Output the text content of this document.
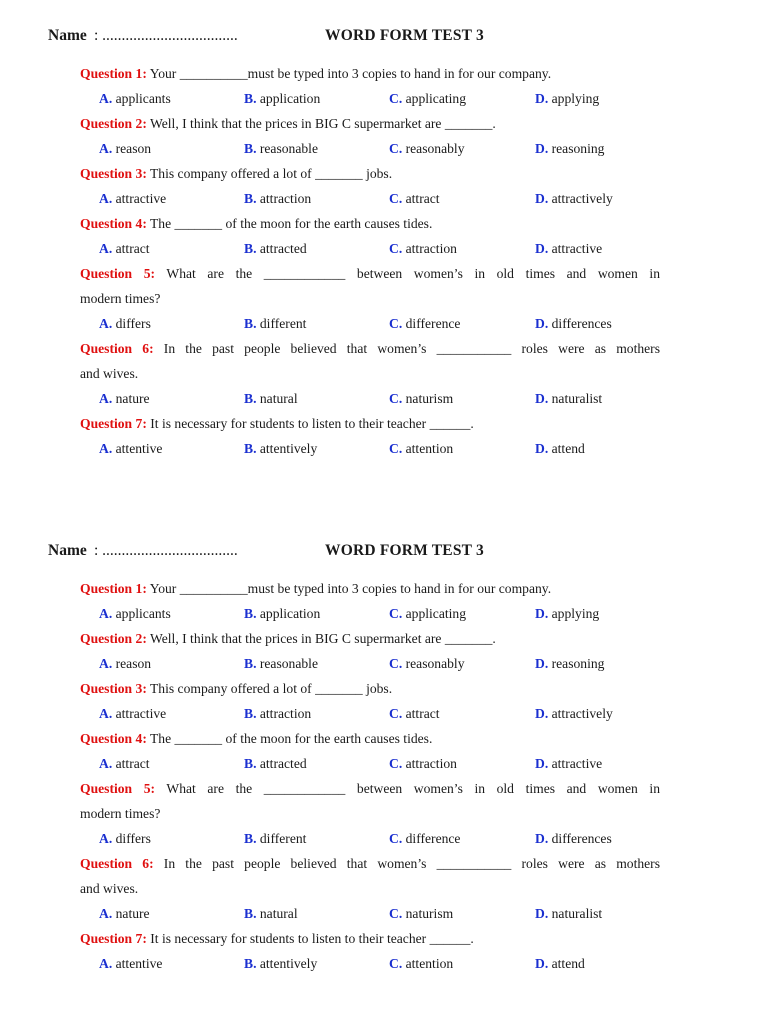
Name : ...................................	WORD FORM TEST 3
Question 1: Your __________must be typed into 3 copies to hand in for our company.
A. applicants	B. application	C. applicating	D. applying
Question 2: Well, I think that the prices in BIG C supermarket are _______.
A. reason	B. reasonable	C. reasonably	D. reasoning
Question 3: This company offered a lot of _______ jobs.
A. attractive	B. attraction	C. attract	D. attractively
Question 4: The _______ of the moon for the earth causes tides.
A. attract	B. attracted	C. attraction	D. attractive
Question 5: What are the ____________ between women’s in old times and women in
modern times?
A. differs	B. different	C. difference	D. differences
Question 6: In the past people believed that women’s ___________ roles were as mothers
and wives.
A. nature	B. natural	C. naturism	D. naturalist
Question 7: It is necessary for students to listen to their teacher ______.
A. attentive	B. attentively	C. attention	D. attend
Name : ...................................	WORD FORM TEST 3
Question 1: Your __________must be typed into 3 copies to hand in for our company.
A. applicants	B. application	C. applicating	D. applying
Question 2: Well, I think that the prices in BIG C supermarket are _______.
A. reason	B. reasonable	C. reasonably	D. reasoning
Question 3: This company offered a lot of _______ jobs.
A. attractive	B. attraction	C. attract	D. attractively
Question 4: The _______ of the moon for the earth causes tides.
A. attract	B. attracted	C. attraction	D. attractive
Question 5: What are the ____________ between women’s in old times and women in
modern times?
A. differs	B. different	C. difference	D. differences
Question 6: In the past people believed that women’s ___________ roles were as mothers
and wives.
A. nature	B. natural	C. naturism	D. naturalist
Question 7: It is necessary for students to listen to their teacher ______.
A. attentive	B. attentively	C. attention	D. attend
